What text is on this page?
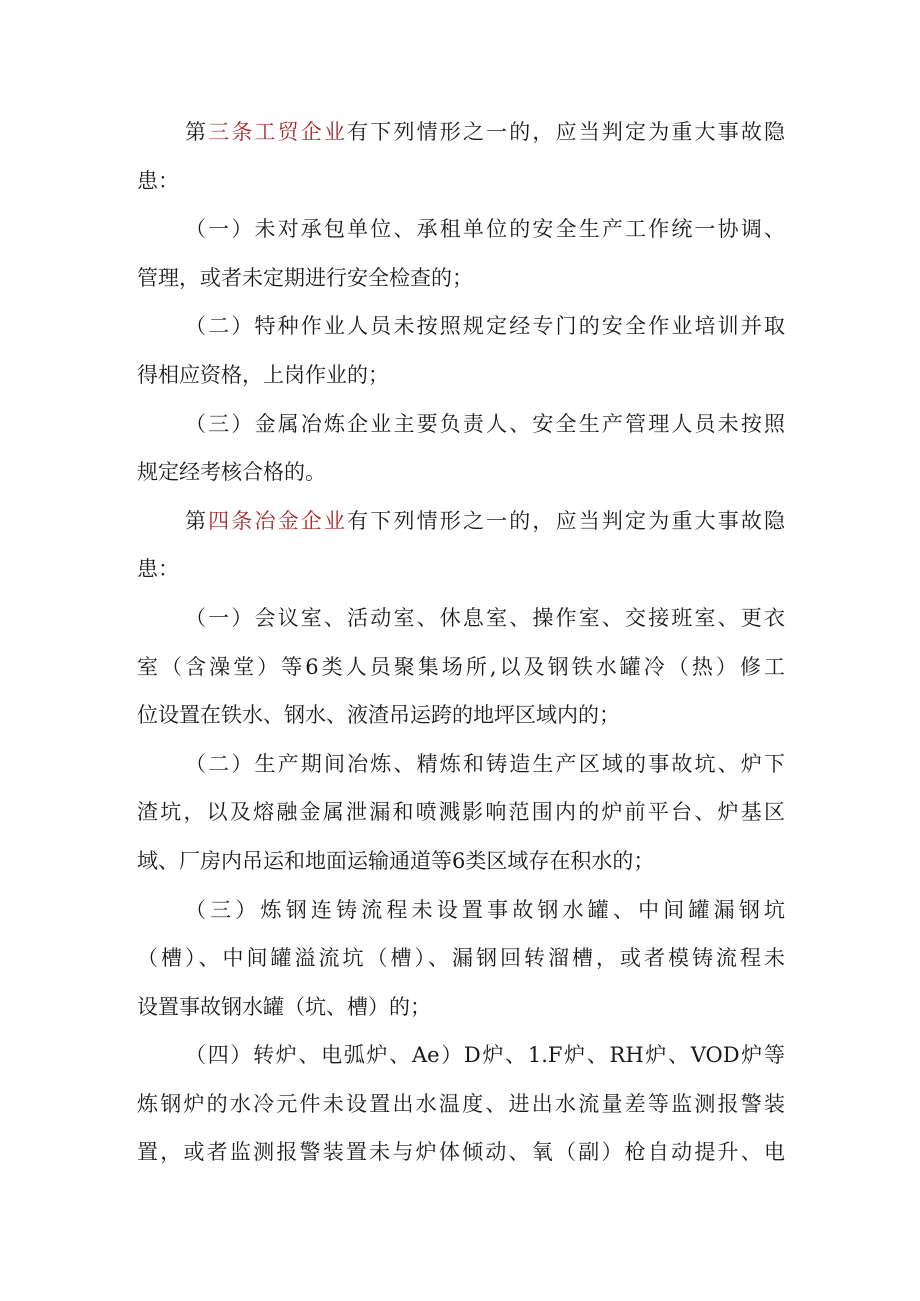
第三条工贸企业有下列情形之一的，应当判定为重大事故隐
患：
（一）未对承包单位、承租单位的安全生产工作统一协调、
管理，或者未定期进行安全检查的；
（二）特种作业人员未按照规定经专门的安全作业培训并取
得相应资格，上岗作业的；
（三）金属冶炼企业主要负责人、安全生产管理人员未按照
规定经考核合格的。
第四条冶金企业有下列情形之一的，应当判定为重大事故隐
患：
（一）会议室、活动室、休息室、操作室、交接班室、更衣
室（含澡堂）等6类人员聚集场所,以及钢铁水罐冷（热）修工
位设置在铁水、钢水、液渣吊运跨的地坪区域内的；
（二）生产期间冶炼、精炼和铸造生产区域的事故坑、炉下
渣坑，以及熔融金属泄漏和喷溅影响范围内的炉前平台、炉基区
域、厂房内吊运和地面运输通道等6类区域存在积水的；
（三）炼钢连铸流程未设置事故钢水罐、中间罐漏钢坑
（槽）、中间罐溢流坑（槽）、漏钢回转溜槽，或者模铸流程未
设置事故钢水罐（坑、槽）的；
（四）转炉、电弧炉、Ae）D炉、1.F炉、RH炉、VOD炉等
炼钢炉的水冷元件未设置出水温度、进出水流量差等监测报警装
置，或者监测报警装置未与炉体倾动、氧（副）枪自动提升、电
